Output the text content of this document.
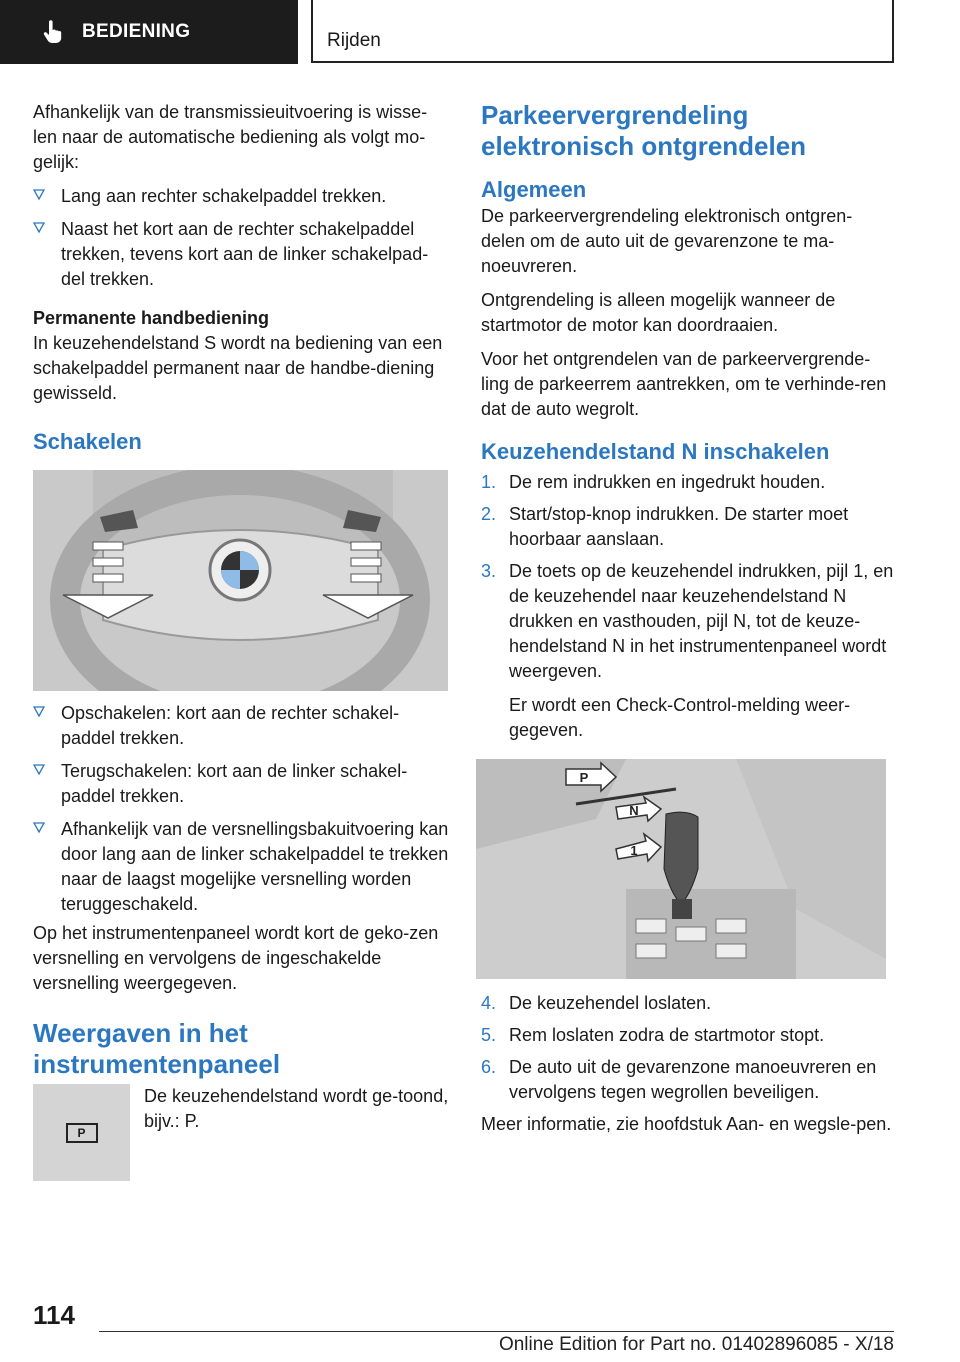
BEDIENING	Rijden

Afhankelijk van de transmissieuitvoering is wisse-len naar de automatische bediening als volgt mo-gelijk:

Lang aan rechter schakelpaddel trekken.
Naast het kort aan de rechter schakelpaddel trekken, tevens kort aan de linker schakelpad-del trekken.
Permanente handbediening

In keuzehendelstand S wordt na bediening van een schakelpaddel permanent naar de handbe-diening gewisseld.

Schakelen
Opschakelen: kort aan de rechter schakel-paddel trekken.
Terugschakelen: kort aan de linker schakel-paddel trekken.
Afhankelijk van de versnellingsbakuitvoering kan door lang aan de linker schakelpaddel te trekken naar de laagst mogelijke versnelling worden teruggeschakeld.

Op het instrumentenpaneel wordt kort de geko-zen versnelling en vervolgens de ingeschakelde versnelling weergegeven.

Weergaven in het instrumentenpaneel
P

De keuzehendelstand wordt ge-toond, bijv.: P.

Parkeervergrendeling elektronisch ontgrendelen
Algemeen

De parkeervergrendeling elektronisch ontgren-delen om de auto uit de gevarenzone te ma-noeuvreren.

Ontgrendeling is alleen mogelijk wanneer de startmotor de motor kan doordraaien.

Voor het ontgrendelen van de parkeervergrende-ling de parkeerrem aantrekken, om te verhinde-ren dat de auto wegrolt.

Keuzehendelstand N inschakelen
1. De rem indrukken en ingedrukt houden.
2. Start/stop-knop indrukken. De starter moet hoorbaar aanslaan.
3. De toets op de keuzehendel indrukken, pijl 1, en de keuzehendel naar keuzehendelstand N drukken en vasthouden, pijl N, tot de keuze-hendelstand N in het instrumentenpaneel wordt weergeven.
Er wordt een Check-Control-melding weer-gegeven.
P
N
1
4. De keuzehendel loslaten.
5. Rem loslaten zodra de startmotor stopt.
6. De auto uit de gevarenzone manoeuvreren en vervolgens tegen wegrollen beveiligen.

Meer informatie, zie hoofdstuk Aan- en wegsle-pen.

114
Online Edition for Part no. 01402896085 - X/18
